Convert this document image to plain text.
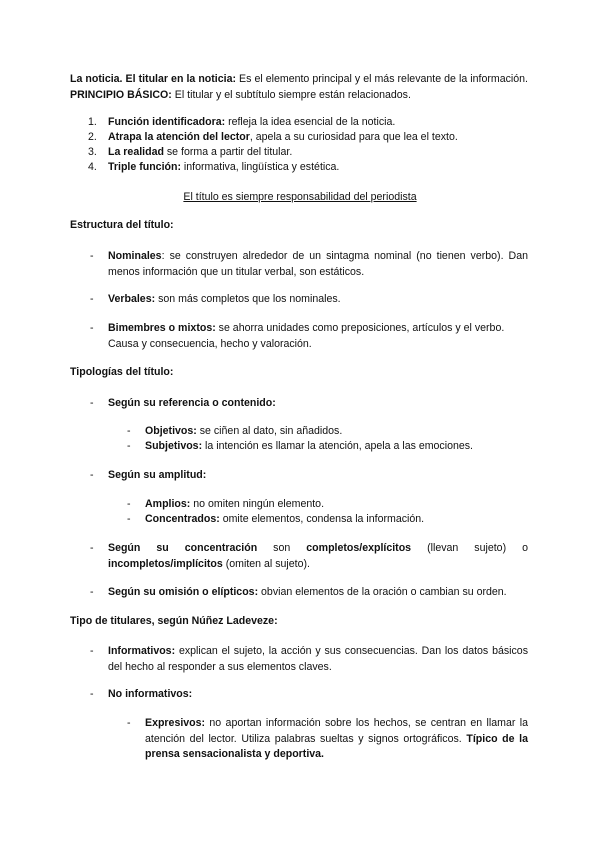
La noticia. El titular en la noticia: Es el elemento principal y el más relevante de la información. PRINCIPIO BÁSICO: El titular y el subtítulo siempre están relacionados.
1. Función identificadora: refleja la idea esencial de la noticia.
2. Atrapa la atención del lector, apela a su curiosidad para que lea el texto.
3. La realidad se forma a partir del titular.
4. Triple función: informativa, lingüística y estética.
El título es siempre responsabilidad del periodista
Estructura del título:
-	Nominales: se construyen alrededor de un sintagma nominal (no tienen verbo). Dan menos información que un titular verbal, son estáticos.
-	Verbales: son más completos que los nominales.
-	Bimembres o mixtos: se ahorra unidades como preposiciones, artículos y el verbo. Causa y consecuencia, hecho y valoración.
Tipologías del título:
-	Según su referencia o contenido:
-	Objetivos: se ciñen al dato, sin añadidos.
-	Subjetivos: la intención es llamar la atención, apela a las emociones.
-	Según su amplitud:
-	Amplios: no omiten ningún elemento.
-	Concentrados: omite elementos, condensa la información.
-	Según su concentración son completos/explícitos (llevan sujeto) o incompletos/implícitos (omiten al sujeto).
-	Según su omisión o elípticos: obvian elementos de la oración o cambian su orden.
Tipo de titulares, según Núñez Ladeveze:
-	Informativos: explican el sujeto, la acción y sus consecuencias. Dan los datos básicos del hecho al responder a sus elementos claves.
-	No informativos:
-	Expresivos: no aportan información sobre los hechos, se centran en llamar la atención del lector. Utiliza palabras sueltas y signos ortográficos. Típico de la prensa sensacionalista y deportiva.
